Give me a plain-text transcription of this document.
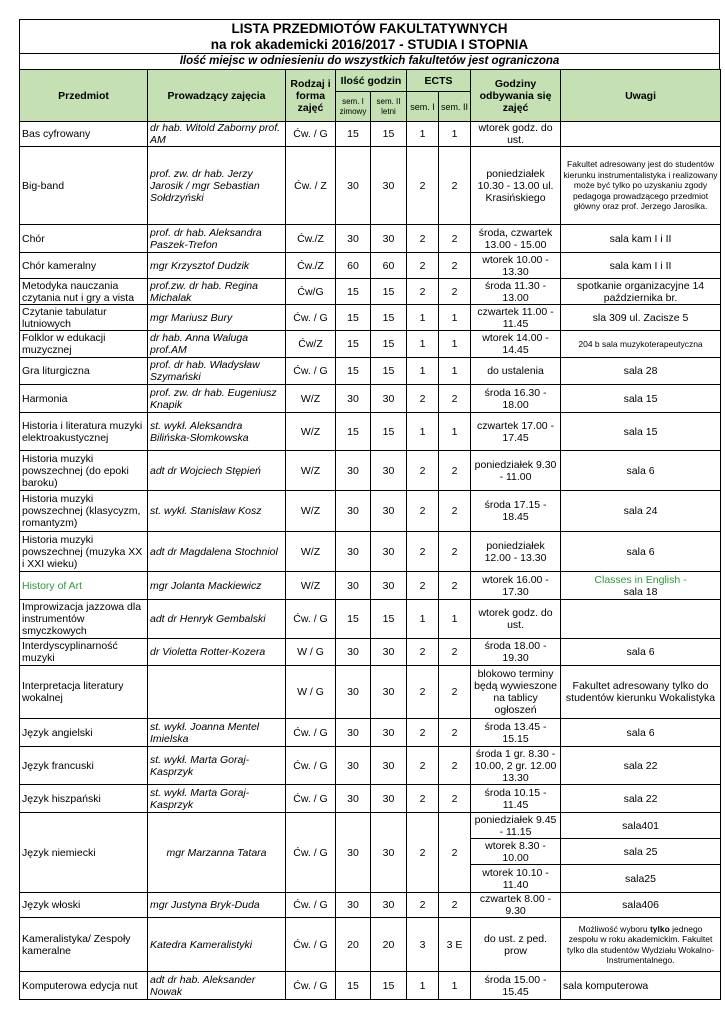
LISTA PRZEDMIOTÓW FAKULTATYWNYCH
na rok akademicki 2016/2017 - STUDIA I STOPNIA
Ilość miejsc w odniesieniu do wszystkich fakultetów jest ograniczona
Przedmiot	Prowadzący zajęcia	Rodzaj i forma zajęć	Ilość godzin		ECTS		Godziny odbywania się zajęć	Uwagi
			sem. I zimowy	sem. II letni	sem. I	sem. II		
Bas cyfrowany	dr hab. Witold Zaborny prof. AM	Ćw. / G	15	15	1	1	wtorek godz. do ust.	
Big-band	prof. zw. dr hab. Jerzy Jarosik / mgr Sebastian Sołdrzyński	Ćw. / Z	30	30	2	2	poniedziałek 10.30 - 13.00 ul. Krasińskiego	Fakultet adresowany jest do studentów kierunku instrumentalistyka i realizowany może być tylko po uzyskaniu zgody pedagoga prowadzącego przedmiot główny oraz prof. Jerzego Jarosika.
Chór	prof. dr hab. Aleksandra Paszek-Trefon	Ćw./Z	30	30	2	2	środa, czwartek 13.00 - 15.00	sala kam I i II
Chór kameralny	mgr Krzysztof Dudzik	Ćw./Z	60	60	2	2	wtorek 10.00 - 13.30	sala kam I i II
Metodyka nauczania czytania nut i gry a vista	prof.zw. dr hab. Regina Michalak	Ćw/G	15	15	2	2	środa 11.30 - 13.00	spotkanie organizacyjne 14 października br.
Czytanie tabulatur lutniowych	mgr Mariusz Bury	Ćw. / G	15	15	1	1	czwartek 11.00 - 11.45	sla 309 ul. Zacisze 5
Folklor w edukacji muzycznej	dr hab. Anna Waluga prof.AM	Ćw/Z	15	15	1	1	wtorek 14.00 - 14.45	204 b sala muzykoterapeutyczna
Gra liturgiczna	prof. dr hab. Władysław Szymański	Ćw. / G	15	15	1	1	do ustalenia	sala 28
Harmonia	prof. zw. dr hab. Eugeniusz Knapik	W/Z	30	30	2	2	środa 16.30 - 18.00	sala 15
Historia i literatura muzyki elektroakustycznej	st. wykł. Aleksandra Bilińska-Słomkowska	W/Z	15	15	1	1	czwartek 17.00 - 17.45	sala 15
Historia muzyki powszechnej (do epoki baroku)	adt dr Wojciech Stępień	W/Z	30	30	2	2	poniedziałek 9.30 - 11.00	sala 6
Historia muzyki powszechnej (klasycyzm, romantyzm)	st. wykł. Stanisław Kosz	W/Z	30	30	2	2	środa 17.15 - 18.45	sala 24
Historia muzyki powszechnej (muzyka XX i XXI wieku)	adt dr Magdalena Stochniol	W/Z	30	30	2	2	poniedziałek 12.00 - 13.30	sala 6
History of Art	mgr Jolanta Mackiewicz	W/Z	30	30	2	2	wtorek 16.00 - 17.30	Classes in English -
sala 18

Improwizacja jazzowa dla instrumentów smyczkowych	adt dr Henryk Gembalski	Ćw. / G	15	15	1	1	wtorek godz. do ust.	
Interdyscyplinarność muzyki	dr Violetta Rotter-Kozera	W / G	30	30	2	2	środa 18.00 - 19.30	sala 6
Interpretacja literatury wokalnej		W / G	30	30	2	2	blokowo terminy będą wywieszone na tablicy ogłoszeń	Fakultet adresowany tylko do studentów kierunku Wokalistyka
Język angielski	st. wykł. Joanna Mentel Imielska	Ćw. / G	30	30	2	2	środa 13.45 - 15.15	sala 6
Język francuski	st. wykł. Marta Goraj-Kasprzyk	Ćw. / G	30	30	2	2	środa 1 gr. 8.30 - 10.00, 2 gr. 12.00 13.30	sala 22
Język hiszpański	st. wykł. Marta Goraj-Kasprzyk	Ćw. / G	30	30	2	2	środa 10.15 - 11.45	sala 22
Język niemiecki	mgr Marzanna Tatara	Ćw. / G	30	30	2	2	poniedziałek 9.45 - 11.15	sala401
							wtorek 8.30 - 10.00	sala 25
							wtorek 10.10 - 11.40	sala25
Język włoski	mgr Justyna Bryk-Duda	Ćw. / G	30	30	2	2	czwartek 8.00 - 9.30	sala406
Kameralistyka/ Zespoły kameralne	Katedra Kameralistyki	Ćw. / G	20	20	3	3 E	do ust. z ped. prow	Możliwość wyboru tylko jednego zespołu w roku akademickim. Fakultet tylko dla studentów Wydziału Wokalno-Instrumentalnego.
Komputerowa edycja nut	adt dr hab. Aleksander Nowak	Ćw. / G	15	15	1	1	środa 15.00 - 15.45	sala komputerowa
